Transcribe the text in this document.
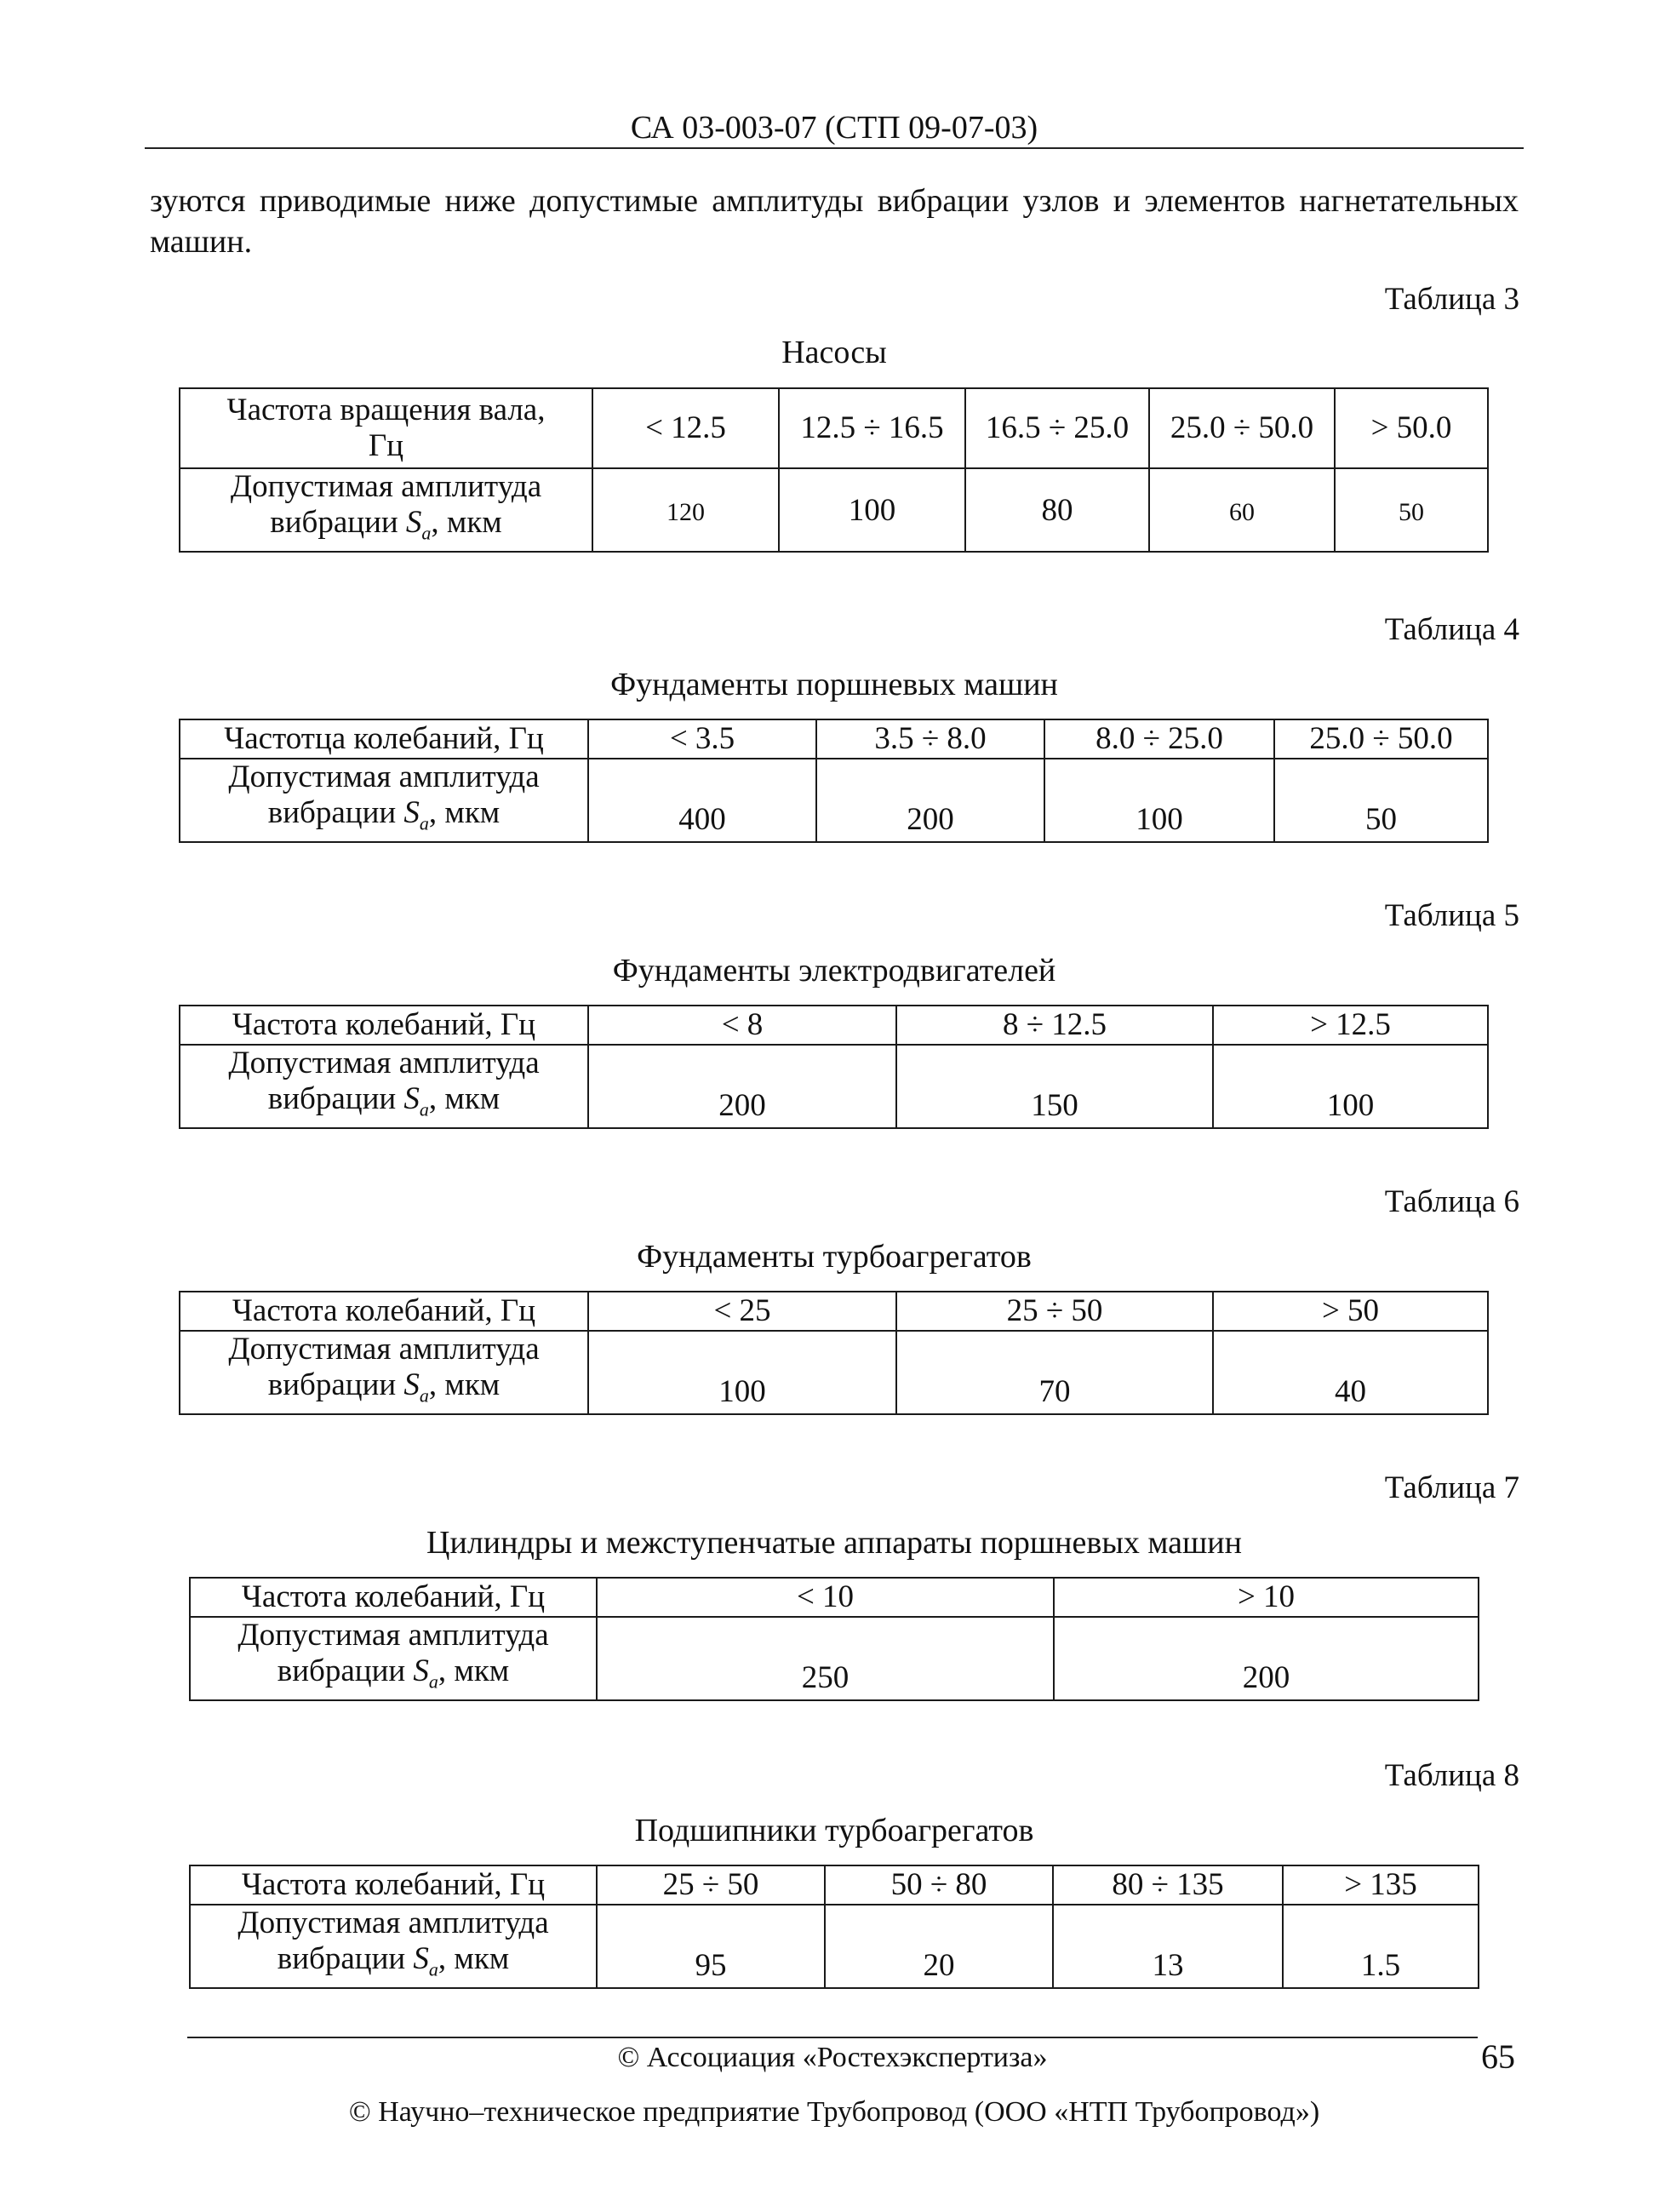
СА 03-003-07 (СТП 09-07-03)
зуются приводимые ниже допустимые амплитуды вибрации узлов и элементов нагнетательных машин.
Таблица 3
Насосы
Частота вращения вала,
Гц	< 12.5	12.5 ÷ 16.5	16.5 ÷ 25.0	25.0 ÷ 50.0	> 50.0
Допустимая амплитуда
вибрации $S_a$, мкм	120	100	80	60	50
Таблица 4
Фундаменты поршневых машин
Частотца колебаний, Гц	< 3.5	3.5 ÷ 8.0	8.0 ÷ 25.0	25.0 ÷ 50.0
Допустимая амплитуда
вибрации $S_a$, мкм	400	200	100	50
Таблица 5
Фундаменты электродвигателей
Частота колебаний, Гц	< 8	8 ÷ 12.5	> 12.5
Допустимая амплитуда
вибрации $S_a$, мкм	200	150	100
Таблица 6
Фундаменты турбоагрегатов
Частота колебаний, Гц	< 25	25 ÷ 50	> 50
Допустимая амплитуда
вибрации $S_a$, мкм	100	70	40
Таблица 7
Цилиндры и межступенчатые аппараты поршневых машин
Частота колебаний, Гц	< 10	> 10
Допустимая амплитуда
вибрации $S_a$, мкм	250	200
Таблица 8
Подшипники турбоагрегатов
Частота колебаний, Гц	25 ÷ 50	50 ÷ 80	80 ÷ 135	> 135
Допустимая амплитуда
вибрации $S_a$, мкм	95	20	13	1.5
© Ассоциация «Ростехэкспертиза»	65
© Научно–техническое предприятие Трубопровод (ООО «НТП Трубопровод»)
